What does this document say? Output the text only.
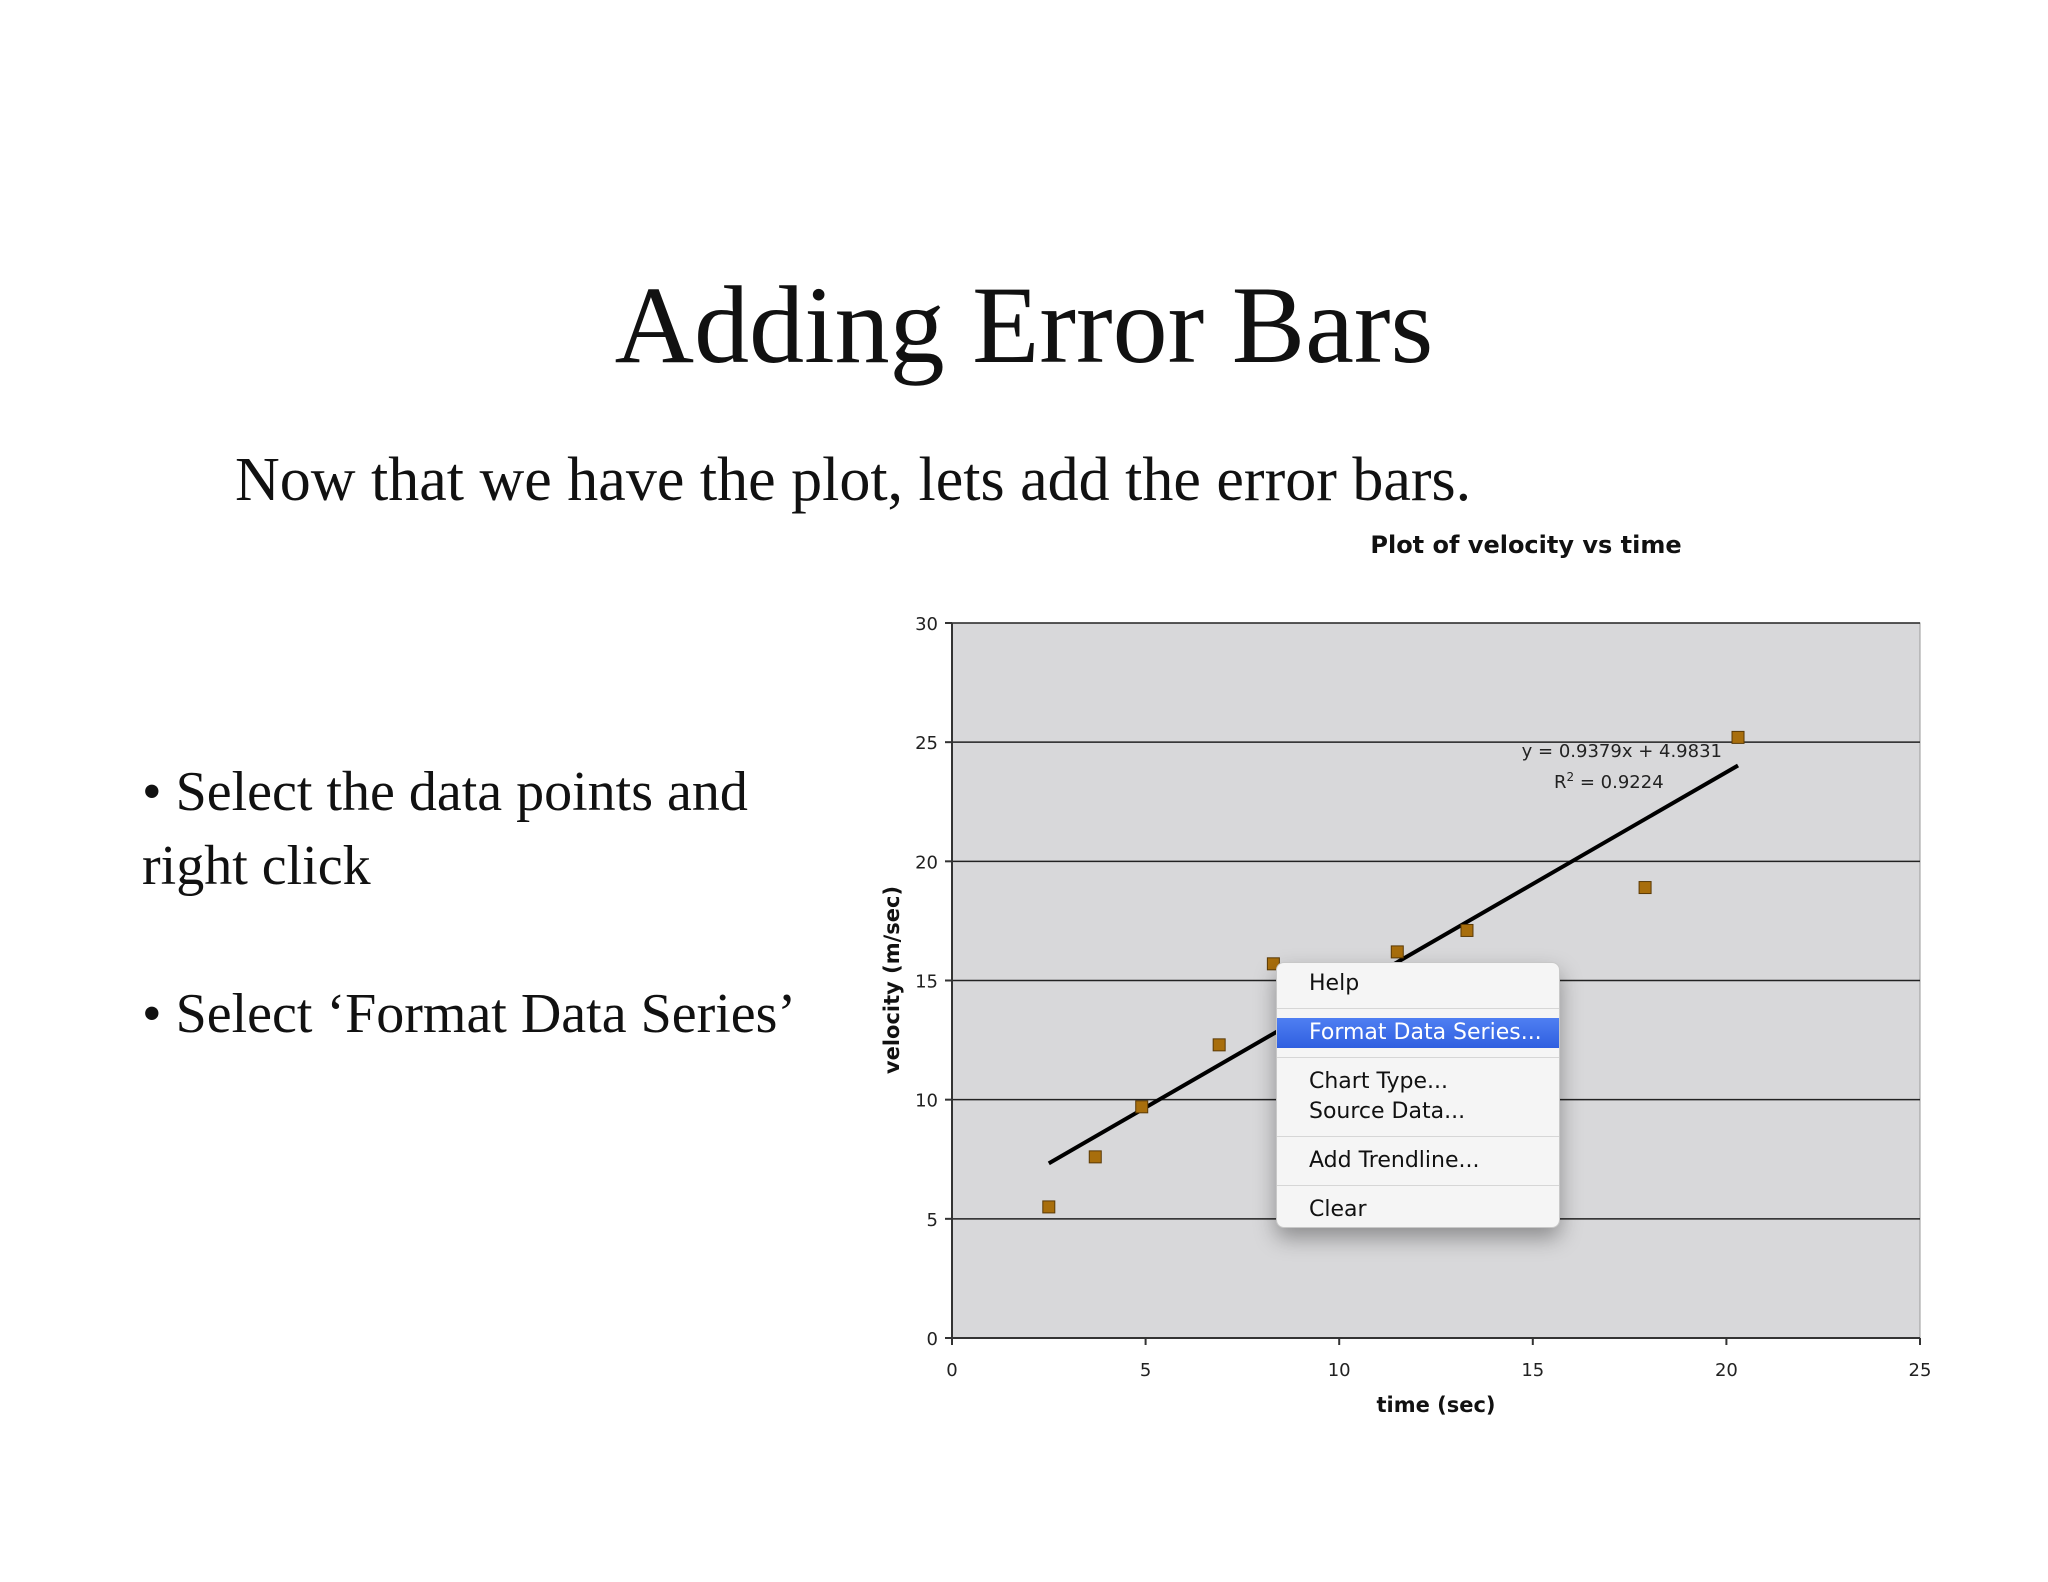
Adding Error Bars
Now that we have the plot, lets add the error bars.
• Select the data points and right click
• Select ‘Format Data Series’
0
5
10
15
20
25
30
0	5	10	15	20	25
Plot of velocity vs time
time (sec)
velocity (m/sec)
y = 0.9379x + 4.9831
$R^2 = 0.9224$
Help
Format Data Series...
Chart Type...
Source Data...
Add Trendline...
Clear
